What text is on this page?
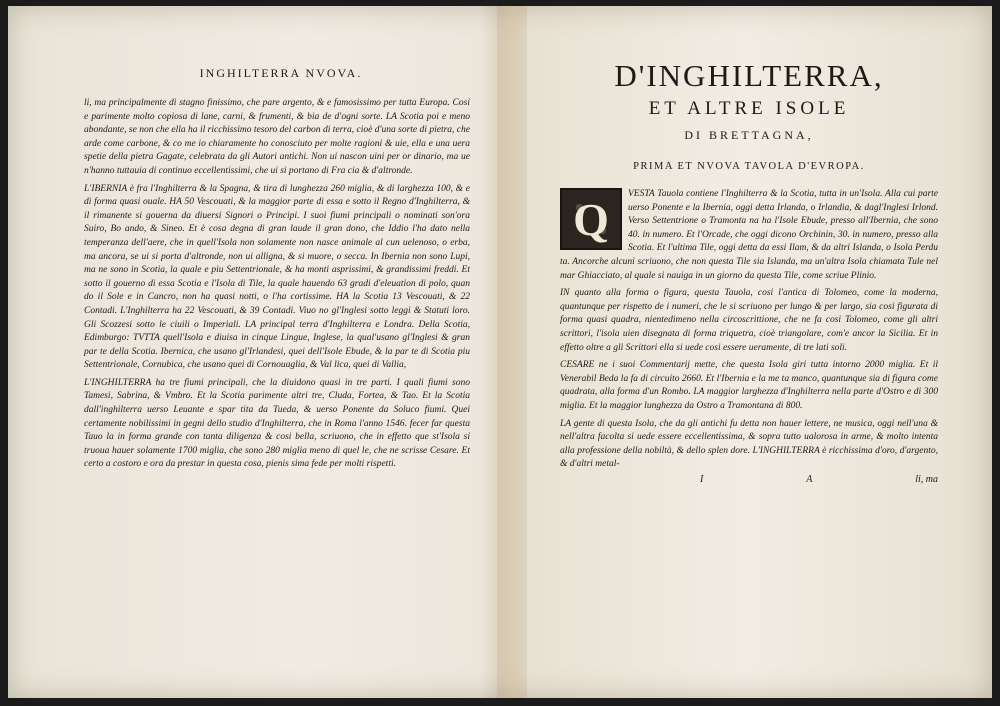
INGHILTERRA NVOVA.

li, ma principalmente di stagno finissimo, che pare argento, & e famosissimo per tutta Europa. Cosi e parimente molto copiosa di lane, carni, & frumenti, & bia de d'ogni sorte. LA Scotia poi e meno abondante, se non che ella ha il ricchissimo tesoro del carbon di terra, cioè d'una sorte di pietra, che arde come carbone, & co me io chiaramente ho conosciuto per molte ragioni & uie, ella e una uera spetie della pietra Gagate, celebrata da gli Autori antichi. Non ui nascon uini per or dinario, ma ue n'hanno tuttauia di continuo eccellentissimi, che ui si portano di Fra cia & d'altronde.

L'IBERNIA è fra l'Inghilterra & la Spagna, & tira di lunghezza 260 miglia, & di larghezza 100, & e di forma quasi ouale. HA 50 Vescouati, & la maggior parte di essa e sotto il Regno d'Inghilterra, & il rimanente si gouerna da diuersi Signori o Principi. I suoi fiumi principali o nominati son'ora Suiro, Bo ando, & Sineo. Et è cosa degna di gran laude il gran dono, che Iddio l'ha dato nella temperanza dell'aere, che in quell'Isola non solamente non nasce animale al cun uelenoso, o erba, ma ancora, se ui si porta d'altronde, non ui alligna, & si muore, o secca. In Ibernia non sono Lupi, ma ne sono in Scotia, la quale e piu Settentrionale, & ha monti asprissimi, & grandissimi freddi. Et sotto il gouerno di essa Scotia e l'Isola di Tile, la quale hauendo 63 gradi d'eleuation di polo, quan do il Sole e in Cancro, non ha quasi notti, o l'ha cortissime. HA la Scotia 13 Vescouati, & 22 Contadi. L'Inghilterra ha 22 Vescouati, & 39 Contadi. Viuo no gl'Inglesi sotto leggi & Statuti loro. Gli Scozzesi sotto le ciuili o Imperiali. LA principal terra d'Inghilterra e Londra. Della Scotia, Edimburgo: TVTTA quell'Isola e diuisa in cinque Lingue, Inglese, la qual'usano gl'Inglesi & gran par te della Scotia. Ibernica, che usano gl'Irlandesi, quei dell'Isole Ebude, & la par te di Scotia piu Settentrionale, Cornubica, che usano quei di Cornouaglia, & Val lica, quei di Vallia,

L'INGHILTERRA ha tre fiumi principali, che la diuidono quasi in tre parti. I quali fiumi sono Tamesi, Sabrina, & Vmbro. Et la Scotia parimente altri tre, Cluda, Fortea, & Tao. Et la Scotia dall'inghilterra uerso Leuante e spar tita da Tueda, & uerso Ponente da Soluco fiumi. Quei certamente nobilissimi in gegni dello studio d'Inghilterra, che in Roma l'anno 1546. fecer far questa Tauo la in forma grande con tanta diligenza & cosi bella, scriuono, che in effetto que st'Isola si truoua hauer solamente 1700 miglia, che sono 280 miglia meno di quel le, che ne scrisse Cesare. Et certo a costoro e ora da prestar in questa cosa, pienis sima fede per molti rispetti.

D'INGHILTERRA,
ET ALTRE ISOLE
DI BRETTAGNA,
PRIMA ET NVOVA TAVOLA D'EVROPA.
Q	VESTA Tauola contiene l'Inghilterra & la Scotia, tutta in un'Isola. Alla cui parte uerso Ponente e la Ibernia, oggi detta Irlanda, o Irlandia, & dagl'Inglesi Irlond. Verso Settentrione o Tramonta na ha l'Isole Ebude, presso all'Ibernia, che sono 40. in numero. Et l'Orcade, che oggi dicono Orchinin, 30. in numero, presso alla Scotia. Et l'ultima Tile, oggi detta da essi Ilam, & da altri Islanda, o Isola Perdu ta. Ancorche alcuni scriuono, che non questa Tile sia Islanda, ma un'altra Isola chiamata Tule nel mar Ghiacciato, al quale si nauiga in un giorno da questa Tile, come scriue Plinio.

IN quanto alla forma o figura, questa Tauola, cosi l'antica di Tolomeo, come la moderna, quantunque per rispetto de i numeri, che le si scriuono per lungo & per largo, sia cosi figurata di forma quasi quadra, nientedimeno nella circoscrittione, che ne fa cosi Tolomeo, come gli altri scrittori, l'isola uien disegnata di forma triquetra, cioè triangolare, com'e ancor la Sicilia. Et in effetto oltre a gli Scrittori ella si uede cosi essere ueramente, di tre lati soli.

CESARE ne i suoi Commentarij mette, che questa Isola giri tutta intorno 2000 miglia. Et il Venerabil Beda la fa di circuito 2660. Et l'Ibernia e la me ta manco, quantunque sia di figura come quadrata, alla forma d'un Rombo. LA maggior larghezza d'Inghilterra nella parte d'Ostro e di 300 miglia. Et la maggior lunghezza da Ostro a Tramontana di 800.

LA gente di questa Isola, che da gli antichi fu detta non hauer lettere, ne musica, oggi nell'una & nell'altra facolta si uede essere eccellentissima, & sopra tutto ualorosa in arme, & molto intenta alla professione della nobiltà, & dello splen dore. L'INGHILTERRA è ricchissima d'oro, d'argento, & d'altri metal-

I	A	li, ma
